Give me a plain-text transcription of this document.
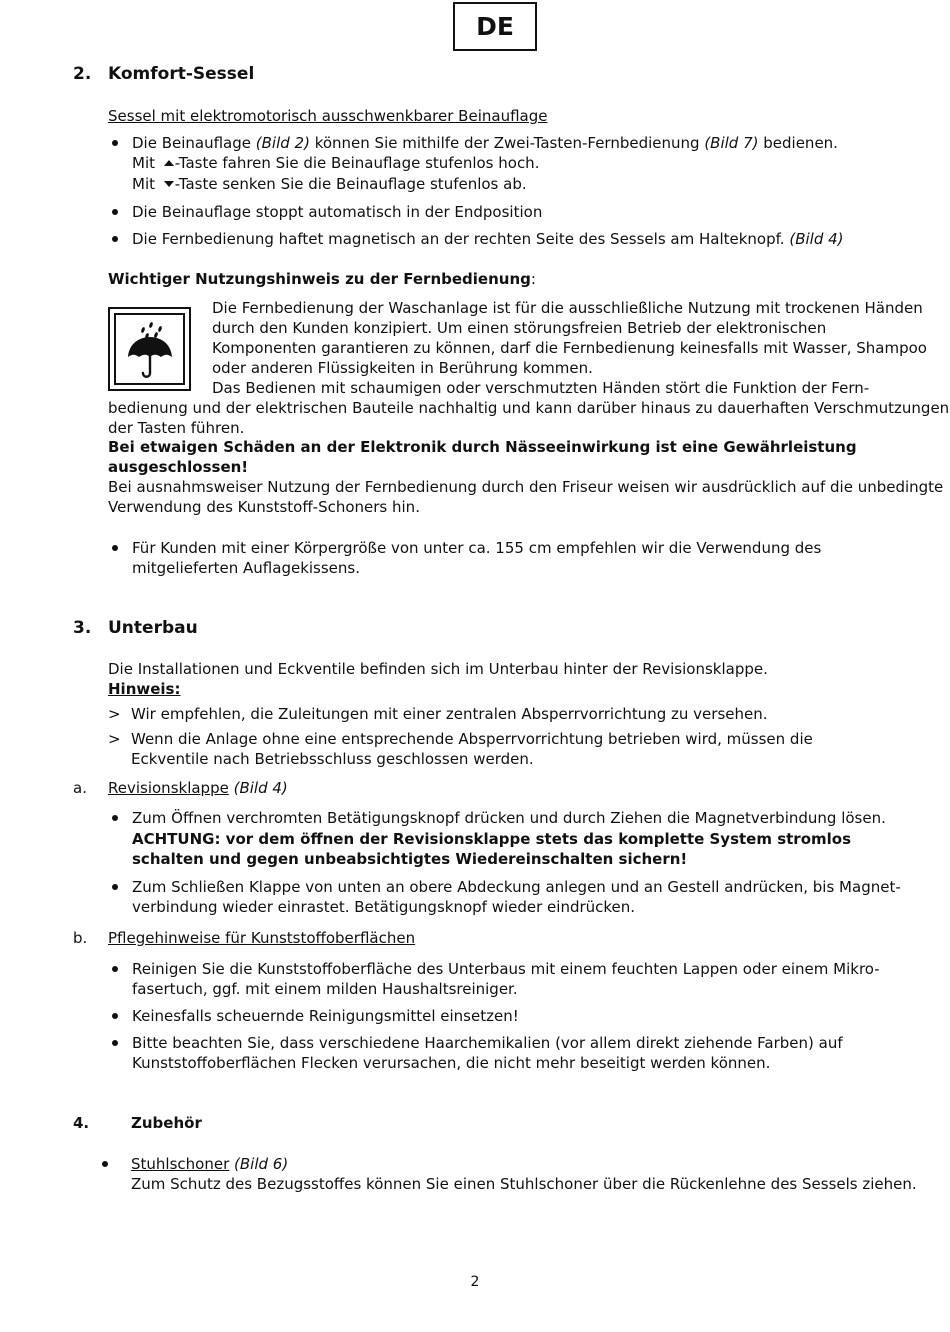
DE
2. Komfort-Sessel
Sessel mit elektromotorisch ausschwenkbarer Beinauflage
Die Beinauflage (Bild 2) können Sie mithilfe der Zwei-Tasten-Fernbedienung (Bild 7) bedienen.
Mit -Taste fahren Sie die Beinauflage stufenlos hoch.
Mit -Taste senken Sie die Beinauflage stufenlos ab.
Die Beinauflage stoppt automatisch in der Endposition
Die Fernbedienung haftet magnetisch an der rechten Seite des Sessels am Halteknopf. (Bild 4)
Wichtiger Nutzungshinweis zu der Fernbedienung:
Die Fernbedienung der Waschanlage ist für die ausschließliche Nutzung mit trockenen Händen
durch den Kunden konzipiert. Um einen störungsfreien Betrieb der elektronischen
Komponenten garantieren zu können, darf die Fernbedienung keinesfalls mit Wasser, Shampoo
oder anderen Flüssigkeiten in Berührung kommen.
Das Bedienen mit schaumigen oder verschmutzten Händen stört die Funktion der Fern-
bedienung und der elektrischen Bauteile nachhaltig und kann darüber hinaus zu dauerhaften Verschmutzungen
der Tasten führen.
Bei etwaigen Schäden an der Elektronik durch Nässeeinwirkung ist eine Gewährleistung
ausgeschlossen!
Bei ausnahmsweiser Nutzung der Fernbedienung durch den Friseur weisen wir ausdrücklich auf die unbedingte
Verwendung des Kunststoff-Schoners hin.
Für Kunden mit einer Körpergröße von unter ca. 155 cm empfehlen wir die Verwendung des
mitgelieferten Auflagekissens.
3. Unterbau
Die Installationen und Eckventile befinden sich im Unterbau hinter der Revisionsklappe.
Hinweis:
> Wir empfehlen, die Zuleitungen mit einer zentralen Absperrvorrichtung zu versehen.
> Wenn die Anlage ohne eine entsprechende Absperrvorrichtung betrieben wird, müssen die
Eckventile nach Betriebsschluss geschlossen werden.
a. Revisionsklappe (Bild 4)
Zum Öffnen verchromten Betätigungsknopf drücken und durch Ziehen die Magnetverbindung lösen.
ACHTUNG: vor dem öffnen der Revisionsklappe stets das komplette System stromlos
schalten und gegen unbeabsichtigtes Wiedereinschalten sichern!
Zum Schließen Klappe von unten an obere Abdeckung anlegen und an Gestell andrücken, bis Magnet-
verbindung wieder einrastet. Betätigungsknopf wieder eindrücken.
b. Pflegehinweise für Kunststoffoberflächen
Reinigen Sie die Kunststoffoberfläche des Unterbaus mit einem feuchten Lappen oder einem Mikro-
fasertuch, ggf. mit einem milden Haushaltsreiniger.
Keinesfalls scheuernde Reinigungsmittel einsetzen!
Bitte beachten Sie, dass verschiedene Haarchemikalien (vor allem direkt ziehende Farben) auf
Kunststoffoberflächen Flecken verursachen, die nicht mehr beseitigt werden können.
4.	Zubehör
Stuhlschoner (Bild 6)
Zum Schutz des Bezugsstoffes können Sie einen Stuhlschoner über die Rückenlehne des Sessels ziehen.
2
